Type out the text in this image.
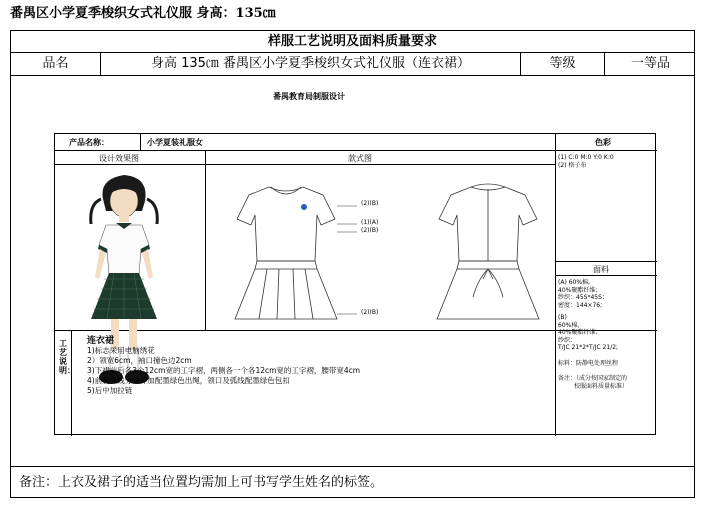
番禺区小学夏季梭织女式礼仪服 身高：135㎝
样服工艺说明及面料质量要求
品名	身高 135㎝ 番禺区小学夏季梭织女式礼仪服（连衣裙）	等级	一等品
番禺教育局制服设计
产品名称：	小学夏装礼服女	色彩
设计效果图	款式图	(1) C:0 M:0 Y:0 K:0
(2) 格子布
面料
(A) 60%棉,
40%聚酯纤维；
纱织：45S*45S；
密度：144×76;
(B)
60%棉，
40%聚酯纤维；
纱织：
T/JC 21*2*T/JC 21/2;
标料：防静电处理丝程
备注：（成分按国家制定的
校服面料质量标准）
(2)(B)
(1)(A)
(2)(B)
(2)(B)
工艺说明：
连衣裙
1)标志采用电脑绣花
2）领宽6cm，袖口撞色边2cm
3)下裙前后各3个12cm宽的工字褶，两侧各一个各12cm宽的工字褶，腰带宽4cm
4)前胸弧线分割并加配墨绿色出绳，领口及弧线配墨绿色包扣
5)后中加拉链
备注：上衣及裙子的适当位置均需加上可书写学生姓名的标签。
